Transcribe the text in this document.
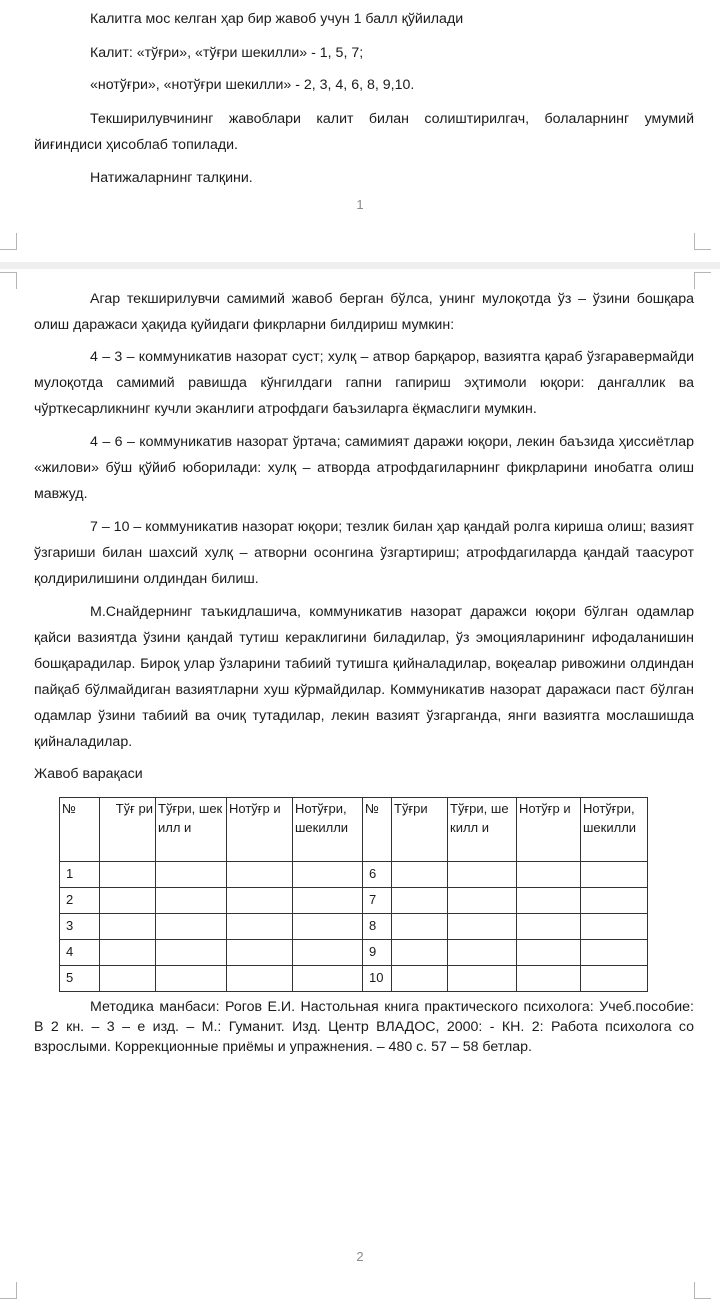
Калитга мос келган ҳар бир жавоб учун 1 балл қўйилади

Калит: «тўғри», «тўғри шекилли» - 1, 5, 7;

«нотўғри», «нотўғри шекилли» - 2, 3, 4, 6, 8, 9,10.

Текширилувчининг жавоблари калит билан солиштирилгач, болаларнинг умумий йиғиндиси ҳисоблаб топилади.

Натижаларнинг талқини.

1

Агар текширилувчи самимий жавоб берган бўлса, унинг мулоқотда ўз – ўзини бошқара олиш даражаси ҳақида қуйидаги фикрларни билдириш мумкин:

4 – 3 – коммуникатив назорат суст; хулқ – атвор барқарор, вазиятга қараб ўзгаравермайди мулоқотда самимий равишда кўнгилдаги гапни гапириш эҳтимоли юқори: дангаллик ва чўрткесарликнинг кучли эканлиги атрофдаги баъзиларга ёқмаслиги мумкин.

4 – 6 – коммуникатив назорат ўртача; самимият даражи юқори, лекин баъзида ҳиссиётлар «жилови» бўш қўйиб юборилади: хулқ – атворда атрофдагиларнинг фикрларини инобатга олиш мавжуд.

7 – 10 – коммуникатив назорат юқори; тезлик билан ҳар қандай ролга кириша олиш; вазият ўзгариши билан шахсий хулқ – атворни осонгина ўзгартириш; атрофдагиларда қандай таасурот қолдирилишини олдиндан билиш.

М.Снайдернинг таъкидлашича, коммуникатив назорат даражси юқори бўлган одамлар қайси вазиятда ўзини қандай тутиш кераклигини биладилар, ўз эмоцияларининг ифодаланишин бошқарадилар. Бироқ улар ўзларини табиий тутишга қийналадилар, воқеалар ривожини олдиндан пайқаб бўлмайдиган вазиятларни хуш кўрмайдилар. Коммуникатив назорат даражаси паст бўлган одамлар ўзини табиий ва очиқ тутадилар, лекин вазият ўзгарганда, янги вазиятга мослашишда қийналадилар.

Жавоб варақаси

№	Тўғ ри	Тўғри, шекилл и	Нотўғр и	Нотўғри, шекилли	№	Тўғри	Тўғри, шекилл и	Нотўғр и	Нотўғри, шекилли
1					6				
2					7				
3					8				
4					9				
5					10				

Методика манбаси: Рогов Е.И. Настольная книга практического психолога: Учеб.пособие: В 2 кн. – 3 – е изд. – М.: Гуманит. Изд. Центр ВЛАДОС, 2000: - КН. 2: Работа психолога со взрослыми. Коррекционные приёмы и упражнения. – 480 с. 57 – 58 бетлар.

2
